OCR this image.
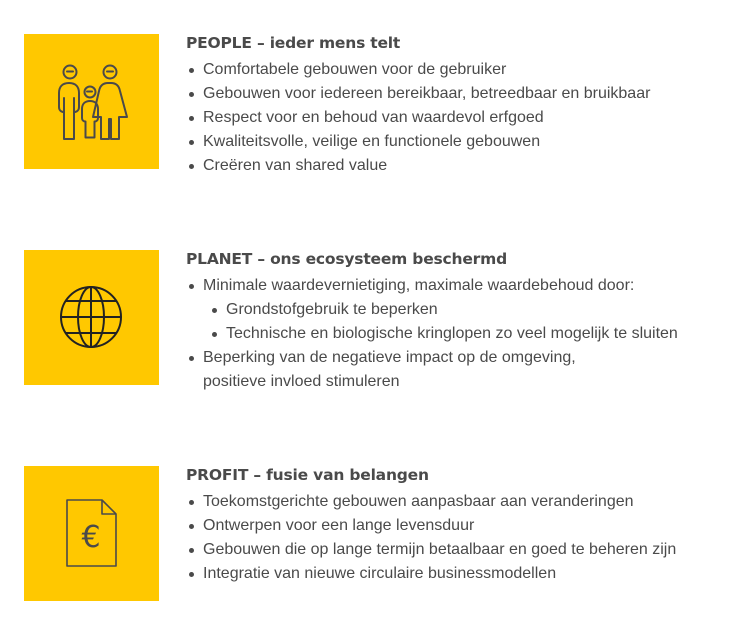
PEOPLE – ieder mens telt
Comfortabele gebouwen voor de gebruiker
Gebouwen voor iedereen bereikbaar, betreedbaar en bruikbaar
Respect voor en behoud van waardevol erfgoed
Kwaliteitsvolle, veilige en functionele gebouwen
Creëren van shared value
PLANET – ons ecosysteem beschermd
Minimale waardevernietiging, maximale waardebehoud door:
Grondstofgebruik te beperken
Technische en biologische kringlopen zo veel mogelijk te sluiten
Beperking van de negatieve impact op de omgeving,
positieve invloed stimuleren
€
PROFIT – fusie van belangen
Toekomstgerichte gebouwen aanpasbaar aan veranderingen
Ontwerpen voor een lange levensduur
Gebouwen die op lange termijn betaalbaar en goed te beheren zijn
Integratie van nieuwe circulaire businessmodellen
